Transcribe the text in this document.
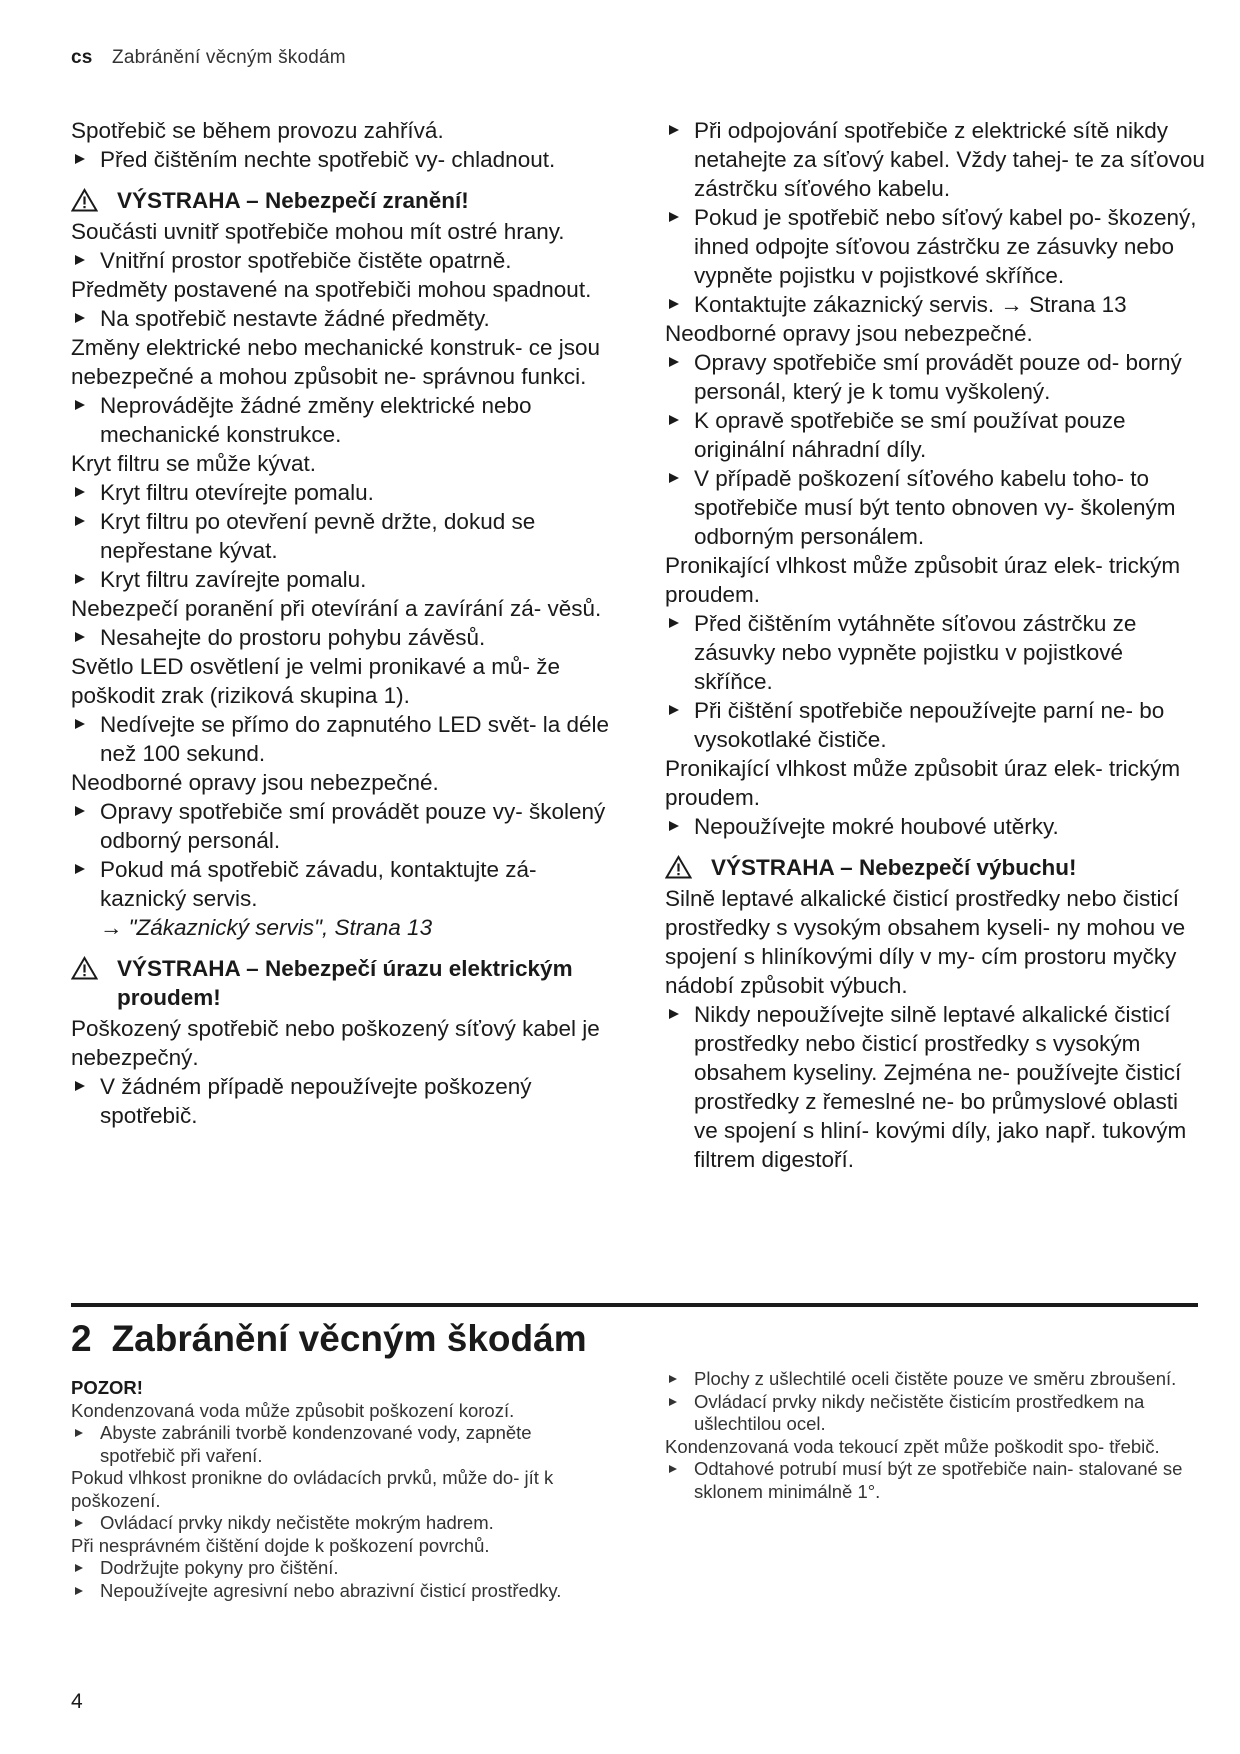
cs Zabránění věcným škodám

Spotřebič se během provozu zahřívá.

Před čištěním nechte spotřebič vy- chladnout.

VÝSTRAHA – Nebezpečí zranění!

Součásti uvnitř spotřebiče mohou mít ostré hrany.

Vnitřní prostor spotřebiče čistěte opatrně.

Předměty postavené na spotřebiči mohou spadnout.

Na spotřebič nestavte žádné předměty.

Změny elektrické nebo mechanické konstruk- ce jsou nebezpečné a mohou způsobit ne- správnou funkci.

Neprovádějte žádné změny elektrické nebo mechanické konstrukce.

Kryt filtru se může kývat.

Kryt filtru otevírejte pomalu.

Kryt filtru po otevření pevně držte, dokud se nepřestane kývat.

Kryt filtru zavírejte pomalu.

Nebezpečí poranění při otevírání a zavírání zá- věsů.

Nesahejte do prostoru pohybu závěsů.

Světlo LED osvětlení je velmi pronikavé a mů- že poškodit zrak (riziková skupina 1).

Nedívejte se přímo do zapnutého LED svět- la déle než 100 sekund.

Neodborné opravy jsou nebezpečné.

Opravy spotřebiče smí provádět pouze vy- školený odborný personál.

Pokud má spotřebič závadu, kontaktujte zá- kaznický servis.

→ "Zákaznický servis", Strana 13

VÝSTRAHA – Nebezpečí úrazu elektrickým proudem!

Poškozený spotřebič nebo poškozený síťový kabel je nebezpečný.

V žádném případě nepoužívejte poškozený spotřebič.

Při odpojování spotřebiče z elektrické sítě nikdy netahejte za síťový kabel. Vždy tahej- te za síťovou zástrčku síťového kabelu.

Pokud je spotřebič nebo síťový kabel po- škozený, ihned odpojte síťovou zástrčku ze zásuvky nebo vypněte pojistku v pojistkové skříňce.

Kontaktujte zákaznický servis. → Strana 13

Neodborné opravy jsou nebezpečné.

Opravy spotřebiče smí provádět pouze od- borný personál, který je k tomu vyškolený.

K opravě spotřebiče se smí používat pouze originální náhradní díly.

V případě poškození síťového kabelu toho- to spotřebiče musí být tento obnoven vy- školeným odborným personálem.

Pronikající vlhkost může způsobit úraz elek- trickým proudem.

Před čištěním vytáhněte síťovou zástrčku ze zásuvky nebo vypněte pojistku v pojistkové skříňce.

Při čištění spotřebiče nepoužívejte parní ne- bo vysokotlaké čističe.

Pronikající vlhkost může způsobit úraz elek- trickým proudem.

Nepoužívejte mokré houbové utěrky.

VÝSTRAHA – Nebezpečí výbuchu!

Silně leptavé alkalické čisticí prostředky nebo čisticí prostředky s vysokým obsahem kyseli- ny mohou ve spojení s hliníkovými díly v my- cím prostoru myčky nádobí způsobit výbuch.

Nikdy nepoužívejte silně leptavé alkalické čisticí prostředky nebo čisticí prostředky s vysokým obsahem kyseliny. Zejména ne- používejte čisticí prostředky z řemeslné ne- bo průmyslové oblasti ve spojení s hliní- kovými díly, jako např. tukovým filtrem digestoří.

2 Zabránění věcným škodám

POZOR!

Kondenzovaná voda může způsobit poškození korozí.

Abyste zabránili tvorbě kondenzované vody, zapněte spotřebič při vaření.

Pokud vlhkost pronikne do ovládacích prvků, může do- jít k poškození.

Ovládací prvky nikdy nečistěte mokrým hadrem.

Při nesprávném čištění dojde k poškození povrchů.

Dodržujte pokyny pro čištění.

Nepoužívejte agresivní nebo abrazivní čisticí prostředky.

Plochy z ušlechtilé oceli čistěte pouze ve směru zbroušení.

Ovládací prvky nikdy nečistěte čisticím prostředkem na ušlechtilou ocel.

Kondenzovaná voda tekoucí zpět může poškodit spo- třebič.

Odtahové potrubí musí být ze spotřebiče nain- stalované se sklonem minimálně 1°.

4
